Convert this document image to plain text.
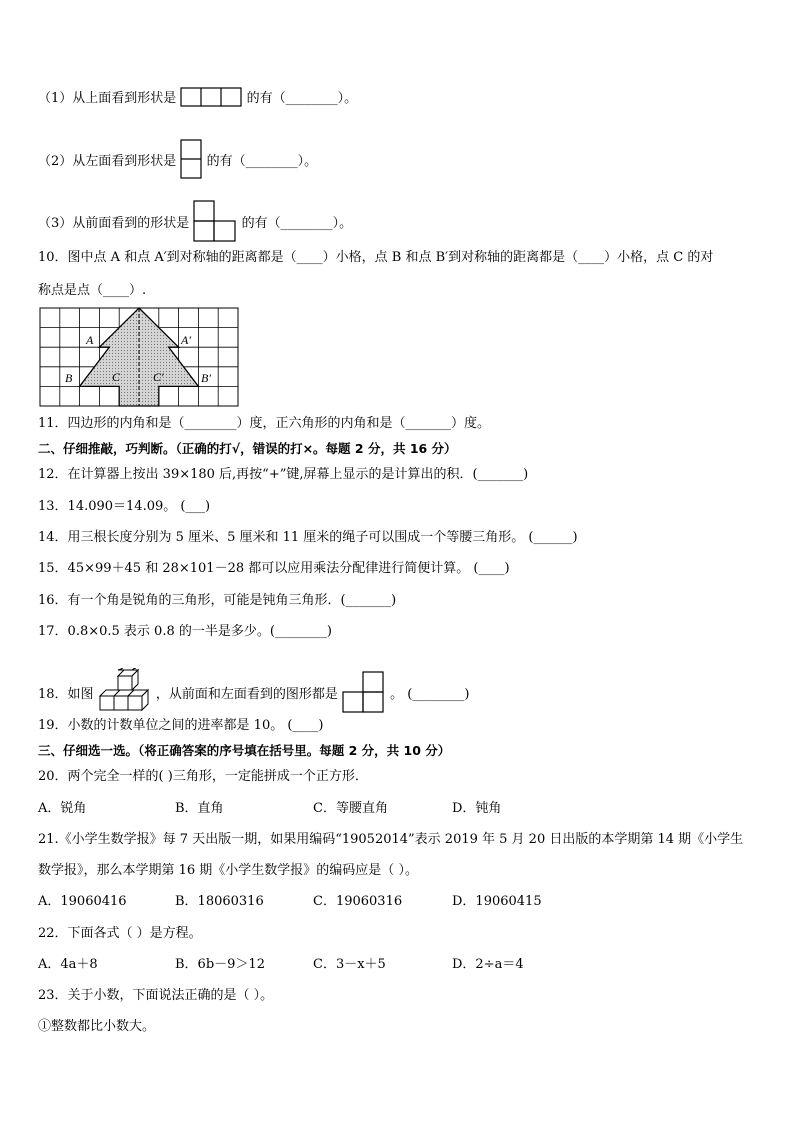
（1）从上面看到形状是	的有（________）。
（2）从左面看到形状是 的有（________）。
（3）从前面看到的形状是	的有（________）。
10．图中点 A 和点 A′到对称轴的距离都是（____）小格，点 B 和点 B′到对称轴的距离都是（____）小格，点 C 的对
称点是点（____）.
A	A′
B	C	C′	B′
11．四边形的内角和是（________）度，正六角形的内角和是（_______）度。
二、仔细推敲，巧判断。（正确的打√，错误的打×。每题 2 分，共 16 分）
12．在计算器上按出 39×180 后,再按“+”键,屏幕上显示的是计算出的积．(_______)
13．14.090＝14.09。 (___)
14．用三根长度分别为 5 厘米、5 厘米和 11 厘米的绳子可以围成一个等腰三角形。 (______)
15．45×99＋45 和 28×101－28 都可以应用乘法分配律进行简便计算。 (____)
16．有一个角是锐角的三角形，可能是钝角三角形．(_______)
17．0.8×0.5 表示 0.8 的一半是多少。(________)
18．如图	，从前面和左面看到的图形都是	。 (________)
19．小数的计数单位之间的进率都是 10。 (____)
三、仔细选一选。（将正确答案的序号填在括号里。每题 2 分，共 10 分）
20．两个完全一样的( )三角形，一定能拼成一个正方形．
A．锐角	B．直角	C．等腰直角	D．钝角
21.《小学生数学报》每 7 天出版一期，如果用编码“19052014”表示 2019 年 5 月 20 日出版的本学期第 14 期《小学生
数学报》，那么本学期第 16 期《小学生数学报》的编码应是（ ）。
A．19060416	B．18060316	C．19060316	D．19060415
22．下面各式（ ）是方程。
A．4a＋8	B．6b－9＞12	C．3－x＋5	D．2÷a＝4
23．关于小数，下面说法正确的是（ ）。
①整数都比小数大。
